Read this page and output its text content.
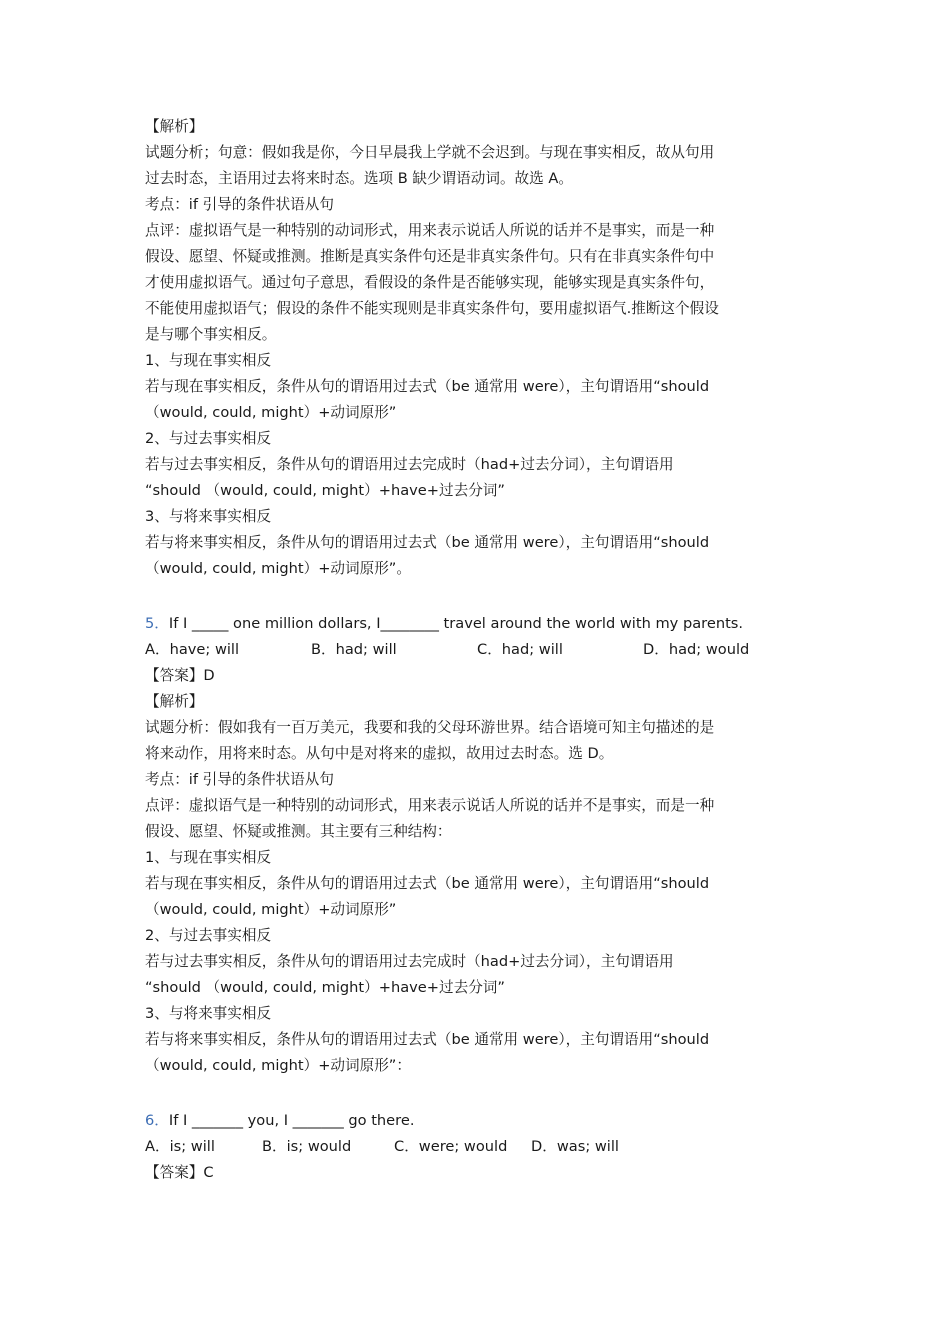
【解析】

试题分析；句意：假如我是你，今日早晨我上学就不会迟到。与现在事实相反，故从句用

过去时态，主语用过去将来时态。选项 B 缺少谓语动词。故选 A。

考点：if 引导的条件状语从句

点评：虚拟语气是一种特别的动词形式，用来表示说话人所说的话并不是事实，而是一种

假设、愿望、怀疑或推测。推断是真实条件句还是非真实条件句。只有在非真实条件句中

才使用虚拟语气。通过句子意思，看假设的条件是否能够实现，能够实现是真实条件句，

不能使用虚拟语气；假设的条件不能实现则是非真实条件句，要用虚拟语气.推断这个假设

是与哪个事实相反。

1、与现在事实相反

若与现在事实相反，条件从句的谓语用过去式（be 通常用 were），主句谓语用“should

（would, could, might）+动词原形”

2、与过去事实相反

若与过去事实相反，条件从句的谓语用过去完成时（had+过去分词），主句谓语用

“should （would, could, might）+have+过去分词”

3、与将来事实相反

若与将来事实相反，条件从句的谓语用过去式（be 通常用 were），主句谓语用“should

（would, could, might）+动词原形”。

5．If I _____ one million dollars, I________ travel around the world with my parents.

A．have; will	B．had; will	C．had; will	D．had; would

【答案】D

【解析】

试题分析：假如我有一百万美元，我要和我的父母环游世界。结合语境可知主句描述的是

将来动作，用将来时态。从句中是对将来的虚拟，故用过去时态。选 D。

考点：if 引导的条件状语从句

点评：虚拟语气是一种特别的动词形式，用来表示说话人所说的话并不是事实，而是一种

假设、愿望、怀疑或推测。其主要有三种结构：

1、与现在事实相反

若与现在事实相反，条件从句的谓语用过去式（be 通常用 were），主句谓语用“should

（would, could, might）+动词原形”

2、与过去事实相反

若与过去事实相反，条件从句的谓语用过去完成时（had+过去分词），主句谓语用

“should （would, could, might）+have+过去分词”

3、与将来事实相反

若与将来事实相反，条件从句的谓语用过去式（be 通常用 were），主句谓语用“should

（would, could, might）+动词原形”：

6．If I _______ you, I _______ go there.

A．is; will	B．is; would	C．were; would	D．was; will

【答案】C
